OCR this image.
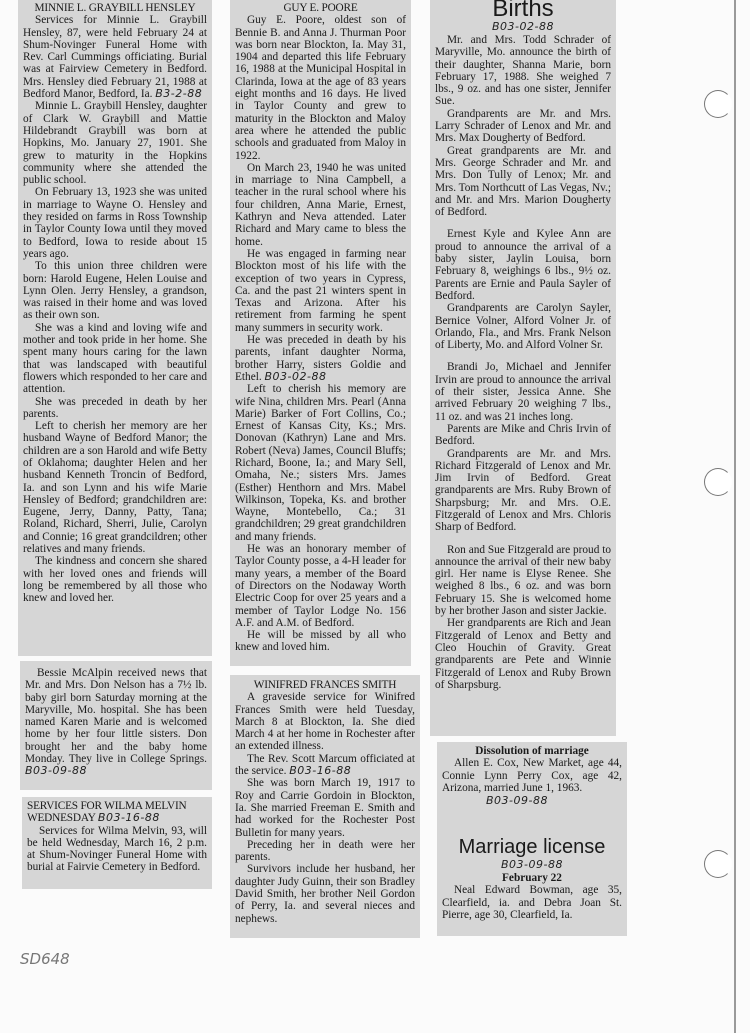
MINNIE L. GRAYBILL HENSLEY

Services for Minnie L. Graybill Hensley, 87, were held February 24 at Shum-Novinger Funeral Home with Rev. Carl Cummings officiating. Burial was at Fairview Cemetery in Bedford. Mrs. Hensley died February 21, 1988 at Bedford Manor, Bedford, Ia. B3-2-88

Minnie L. Graybill Hensley, daughter of Clark W. Graybill and Mattie Hildebrandt Graybill was born at Hopkins, Mo. January 27, 1901. She grew to maturity in the Hopkins community where she attended the public school.

On February 13, 1923 she was united in marriage to Wayne O. Hensley and they resided on farms in Ross Township in Taylor County Iowa until they moved to Bedford, Iowa to reside about 15 years ago.

To this union three children were born: Harold Eugene, Helen Louise and Lynn Olen. Jerry Hensley, a grandson, was raised in their home and was loved as their own son.

She was a kind and loving wife and mother and took pride in her home. She spent many hours caring for the lawn that was landscaped with beautiful flowers which responded to her care and attention.

She was preceded in death by her parents.

Left to cherish her memory are her husband Wayne of Bedford Manor; the children are a son Harold and wife Betty of Oklahoma; daughter Helen and her husband Kenneth Troncin of Bedford, Ia. and son Lynn and his wife Marie Hensley of Bedford; grandchildren are: Eugene, Jerry, Danny, Patty, Tana; Roland, Richard, Sherri, Julie, Carolyn and Connie; 16 great grandcildren; other relatives and many friends.

The kindness and concern she shared with her loved ones and friends will long be remembered by all those who knew and loved her.

Bessie McAlpin received news that Mr. and Mrs. Don Nelson has a 7½ lb. baby girl born Saturday morning at the Maryville, Mo. hospital. She has been named Karen Marie and is welcomed home by her four little sisters. Don brought her and the baby home Monday. They live in College Springs. B03-09-88

SERVICES FOR WILMA MELVIN WEDNESDAY B03-16-88

Services for Wilma Melvin, 93, will be held Wednesday, March 16, 2 p.m. at Shum-Novinger Funeral Home with burial at Fairvie Cemetery in Bedford.

GUY E. POORE

Guy E. Poore, oldest son of Bennie B. and Anna J. Thurman Poor was born near Blockton, Ia. May 31, 1904 and departed this life February 16, 1988 at the Municipal Hospital in Clarinda, Iowa at the age of 83 years eight months and 16 days. He lived in Taylor County and grew to maturity in the Blockton and Maloy area where he attended the public schools and graduated from Maloy in 1922.

On March 23, 1940 he was united in marriage to Nina Campbell, a teacher in the rural school where his four children, Anna Marie, Ernest, Kathryn and Neva attended. Later Richard and Mary came to bless the home.

He was engaged in farming near Blockton most of his life with the exception of two years in Cypress, Ca. and the past 21 winters spent in Texas and Arizona. After his retirement from farming he spent many summers in security work.

He was preceded in death by his parents, infant daughter Norma, brother Harry, sisters Goldie and Ethel. B03-02-88

Left to cherish his memory are wife Nina, children Mrs. Pearl (Anna Marie) Barker of Fort Collins, Co.; Ernest of Kansas City, Ks.; Mrs. Donovan (Kathryn) Lane and Mrs. Robert (Neva) James, Council Bluffs; Richard, Boone, Ia.; and Mary Sell, Omaha, Ne.; sisters Mrs. James (Esther) Henthorn and Mrs. Mabel Wilkinson, Topeka, Ks. and brother Wayne, Montebello, Ca.; 31 grandchildren; 29 great grandchildren and many friends.

He was an honorary member of Taylor County posse, a 4-H leader for many years, a member of the Board of Directors on the Nodaway Worth Electric Coop for over 25 years and a member of Taylor Lodge No. 156 A.F. and A.M. of Bedford.

He will be missed by all who knew and loved him.

WINIFRED FRANCES SMITH

A graveside service for Winifred Frances Smith were held Tuesday, March 8 at Blockton, Ia. She died March 4 at her home in Rochester after an extended illness.

The Rev. Scott Marcum officiated at the service. B03-16-88

She was born March 19, 1917 to Roy and Carrie Gordoin in Blockton, Ia. She married Freeman E. Smith and had worked for the Rochester Post Bulletin for many years.

Preceding her in death were her parents.

Survivors include her husband, her daughter Judy Guinn, their son Bradley David Smith, her brother Neil Gordon of Perry, Ia. and several nieces and nephews.

Births
B03-02-88

Mr. and Mrs. Todd Schrader of Maryville, Mo. announce the birth of their daughter, Shanna Marie, born February 17, 1988. She weighed 7 lbs., 9 oz. and has one sister, Jennifer Sue.

Grandparents are Mr. and Mrs. Larry Schrader of Lenox and Mr. and Mrs. Max Dougherty of Bedford.

Great grandparents are Mr. and Mrs. George Schrader and Mr. and Mrs. Don Tully of Lenox; Mr. and Mrs. Tom Northcutt of Las Vegas, Nv.; and Mr. and Mrs. Marion Dougherty of Bedford.

Ernest Kyle and Kylee Ann are proud to announce the arrival of a baby sister, Jaylin Louisa, born February 8, weighings 6 lbs., 9½ oz. Parents are Ernie and Paula Sayler of Bedford.

Grandparents are Carolyn Sayler, Bernice Volner, Alford Volner Jr. of Orlando, Fla., and Mrs. Frank Nelson of Liberty, Mo. and Alford Volner Sr.

Brandi Jo, Michael and Jennifer Irvin are proud to announce the arrival of their sister, Jessica Anne. She arrived February 20 weighing 7 lbs., 11 oz. and was 21 inches long.

Parents are Mike and Chris Irvin of Bedford.

Grandparents are Mr. and Mrs. Richard Fitzgerald of Lenox and Mr. Jim Irvin of Bedford. Great grandparents are Mrs. Ruby Brown of Sharpsburg; Mr. and Mrs. O.E. Fitzgerald of Lenox and Mrs. Chloris Sharp of Bedford.

Ron and Sue Fitzgerald are proud to announce the arrival of their new baby girl. Her name is Elyse Renee. She weighed 8 lbs., 6 oz. and was born February 15. She is welcomed home by her brother Jason and sister Jackie.

Her grandparents are Rich and Jean Fitzgerald of Lenox and Betty and Cleo Houchin of Gravity. Great grandparents are Pete and Winnie Fitzgerald of Lenox and Ruby Brown of Sharpsburg.

Dissolution of marriage

Allen E. Cox, New Market, age 44, Connie Lynn Perry Cox, age 42, Arizona, married June 1, 1963.

B03-09-88
Marriage license
B03-09-88
February 22

Neal Edward Bowman, age 35, Clearfield, ia. and Debra Joan St. Pierre, age 30, Clearfield, Ia.

SD648
